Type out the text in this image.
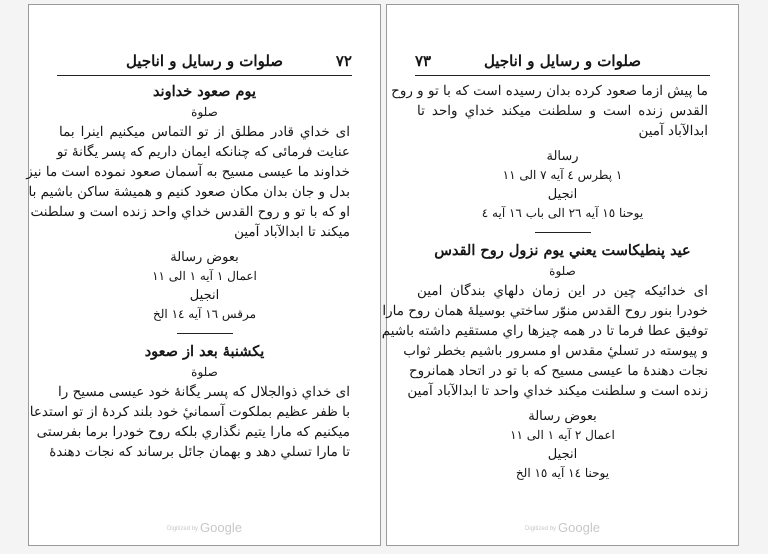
صلوات و رسايل و اناجيل	٧٢
يوم صعود خداوند
صلوة
اى خداي قادر مطلق از تو التماس ميكنيم اينرا بما
عنايت فرمائى كه چنانكه ايمان داريم كه پسر يگانه‌ٔ تو
خداوند ما عيسى مسيح به آسمان صعود نموده است ما نيز
بدل و جان بدان مكان صعود كنيم و هميشة ساكن باشيم با
او كه با تو و روح القدس خداي واحد زنده است و سلطنت
ميكند تا ابدالآباد آمين
بعوض رسالة
اعمال ١ آيه‌ ١ الى ١١
انجيل
مرقس ١٦ آيه‌ ١٤ الخ
يكشنبه‌ٔ بعد از صعود
صلوة
اى خداي ذوالجلال كه پسر يگانه‌ٔ خود عيسى مسيح را
با ظفر عظيم بملكوت آسماني‌ٔ خود بلند كرده‌ٔ از تو استدعا
ميكنيم كه مارا يتيم نگذاري بلكه روح خودرا برما بفرستى
تا مارا تسلي دهد و بهمان جائل برساند كه نجات دهنده‌ٔ
Digitized by Google
صلوات و رسايل و اناجيل
٧٣
ما پيش ازما صعود كرده بدان رسيده است كه با تو و روح
القدس زنده است و سلطنت ميكند خداي واحد تا
ابدالآباد آمين
رسالة
١ پطرس ٤ آيه‌ ٧ الى ١١
انجيل
يوحنا ١٥ آيه‌ ٢٦ الى باب ١٦ آيه‌ ٤
عيد پنطيكاست يعني يوم نزول روح القدس
صلوة
اى خدائيكه چين در اين زمان دلهاي بندگان امين
خودرا بنور روح القدس منوّر ساختي بوسيله‌ٔ همان روح مارا
توفيق عطا فرما تا در همه چيزها راي مستقيم داشته باشيم
و پيوسته در تسلي‌ٔ مقدس او مسرور باشيم بخطر ثواب
نجات دهنده‌ٔ ما عيسى مسيح كه با تو در اتحاد همانروح
زنده است و سلطنت ميكند خداي واحد تا ابدالآباد آمين
بعوض رسالة
اعمال ٢ آيه‌ ١ الى ١١
انجيل
يوحنا ١٤ آيه‌ ١٥ الخ
Digitized by Google
